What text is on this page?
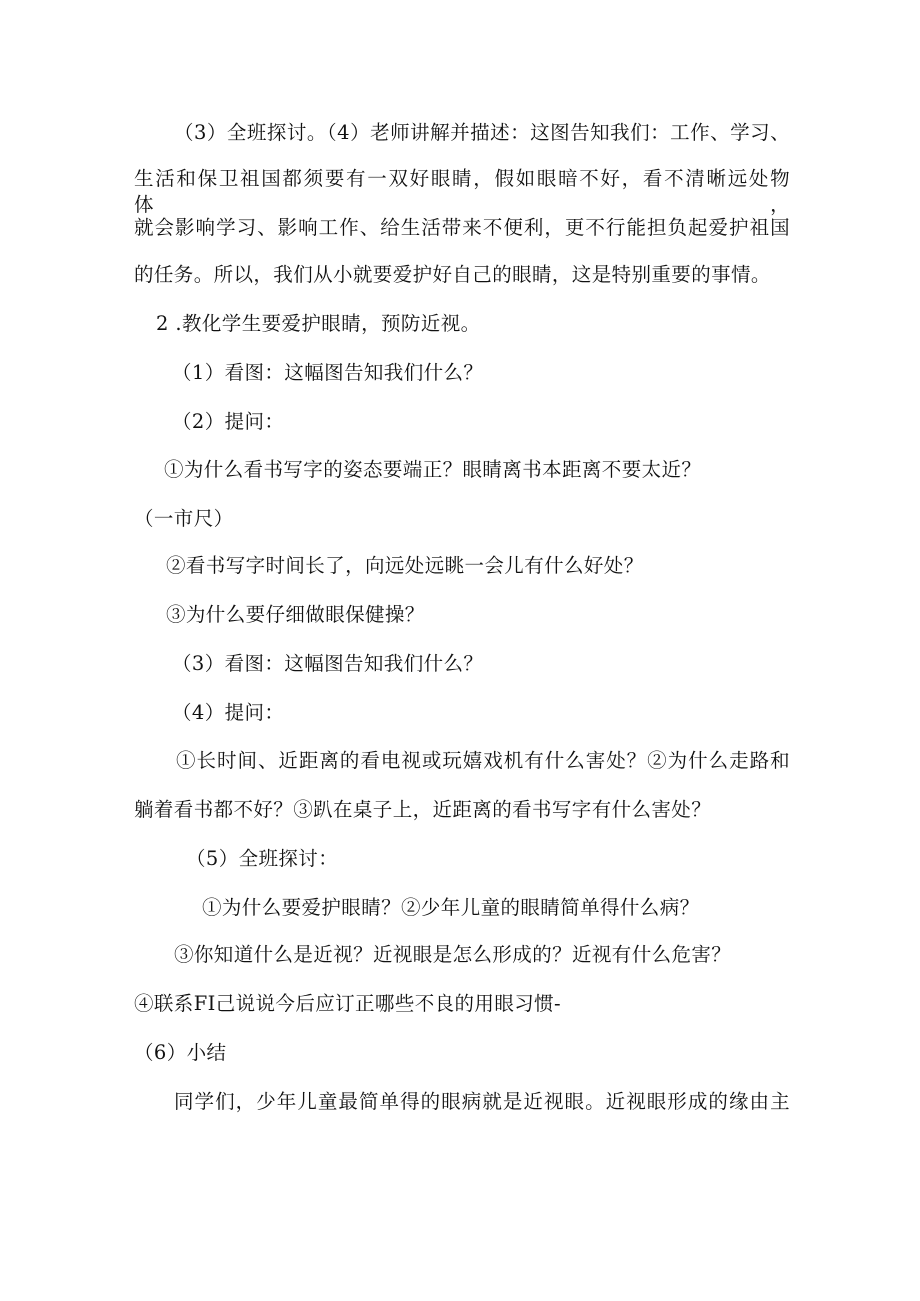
（3）全班探讨。（4）老师讲解并描述：这图告知我们：工作、学习、

生活和保卫祖国都须要有一双好眼睛，假如眼暗不好，看不清晰远处物体，

就会影响学习、影响工作、给生活带来不便利，更不行能担负起爱护祖国

的任务。所以，我们从小就要爱护好自己的眼睛，这是特别重要的事情。

2 .教化学生要爱护眼睛，预防近视。

（1）看图：这幅图告知我们什么？

（2）提问：

①为什么看书写字的姿态要端正？眼睛离书本距离不要太近？

（一市尺）

②看书写字时间长了，向远处远眺一会儿有什么好处？

③为什么要仔细做眼保健操？

（3）看图：这幅图告知我们什么？

（4）提问：

①长时间、近距离的看电视或玩嬉戏机有什么害处？②为什么走路和

躺着看书都不好？③趴在桌子上，近距离的看书写字有什么害处？

（5）全班探讨：

①为什么要爱护眼睛？②少年儿童的眼睛简单得什么病？

③你知道什么是近视？近视眼是怎么形成的？近视有什么危害？

④联系FI己说说今后应订正哪些不良的用眼习惯-

（6）小结

同学们，少年儿童最简单得的眼病就是近视眼。近视眼形成的缘由主
